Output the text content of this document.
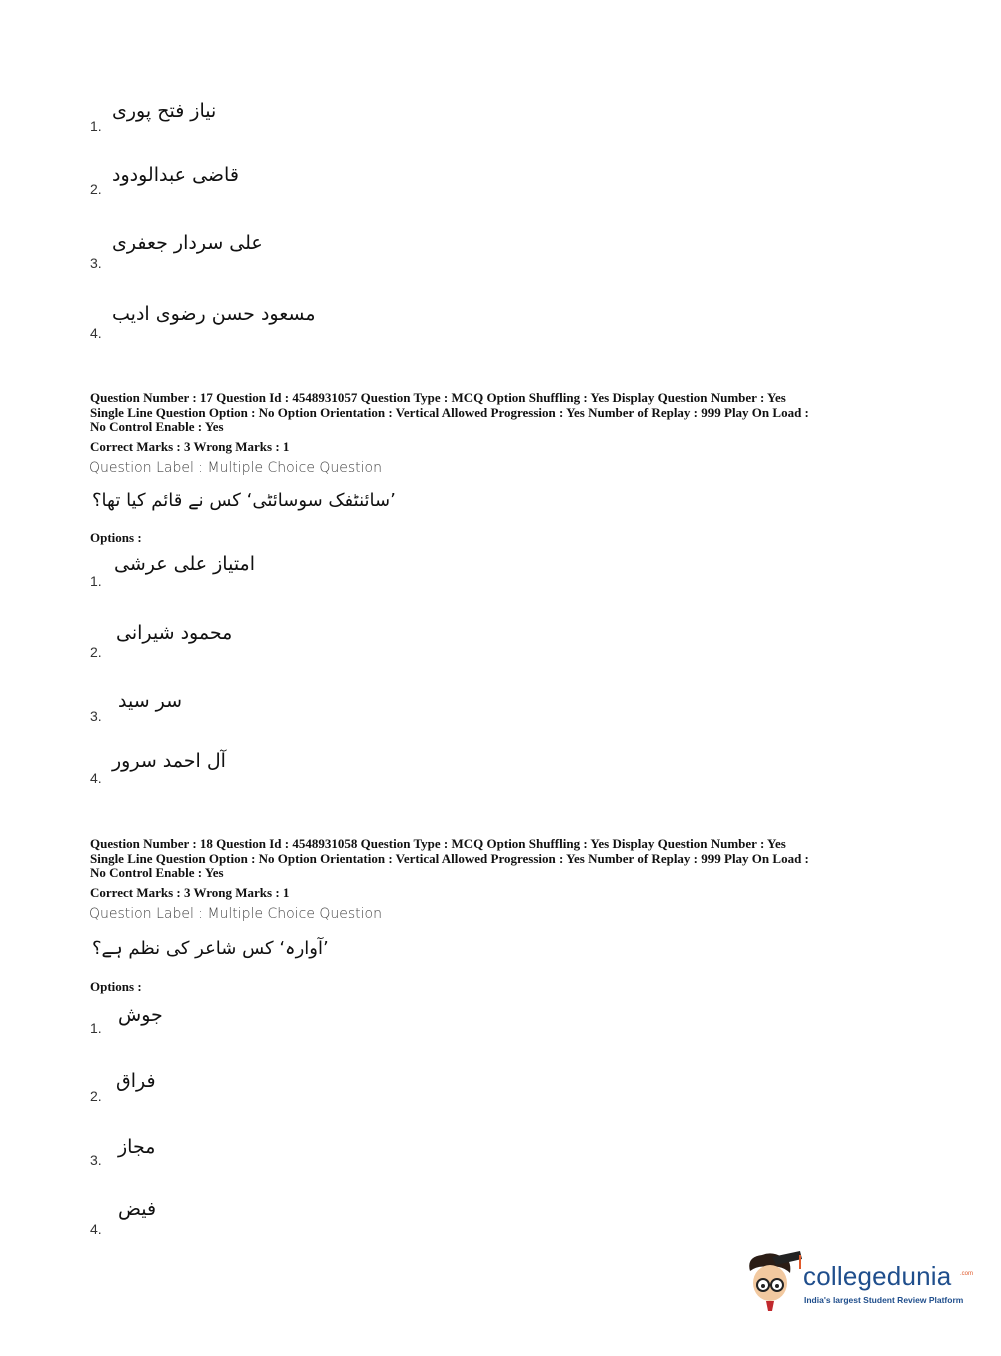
1.
نیاز فتح پوری
2.
قاضی عبدالودود
3.
علی سردار جعفری
4.
مسعود حسن رضوی ادیب
Question Number : 17 Question Id : 4548931057 Question Type : MCQ Option Shuffling : Yes Display Question Number : Yes
Single Line Question Option : No Option Orientation : Vertical Allowed Progression : Yes Number of Replay : 999 Play On Load :
No Control Enable : Yes
Correct Marks : 3 Wrong Marks : 1
Question Label : Multiple Choice Question
’سائنٹفک سوسائٹی‘ کس نے قائم کیا تھا؟
Options :
1.
امتیاز علی عرشی
2.
محمود شیرانی
3.
سر سید
4.
آل احمد سرور
Question Number : 18 Question Id : 4548931058 Question Type : MCQ Option Shuffling : Yes Display Question Number : Yes
Single Line Question Option : No Option Orientation : Vertical Allowed Progression : Yes Number of Replay : 999 Play On Load :
No Control Enable : Yes
Correct Marks : 3 Wrong Marks : 1
Question Label : Multiple Choice Question
’آوارہ‘ کس شاعر کی نظم ہے؟
Options :
1.
جوش
2.
فراق
3.
مجاز
4.
فیض
collegedunia .com
India's largest Student Review Platform
